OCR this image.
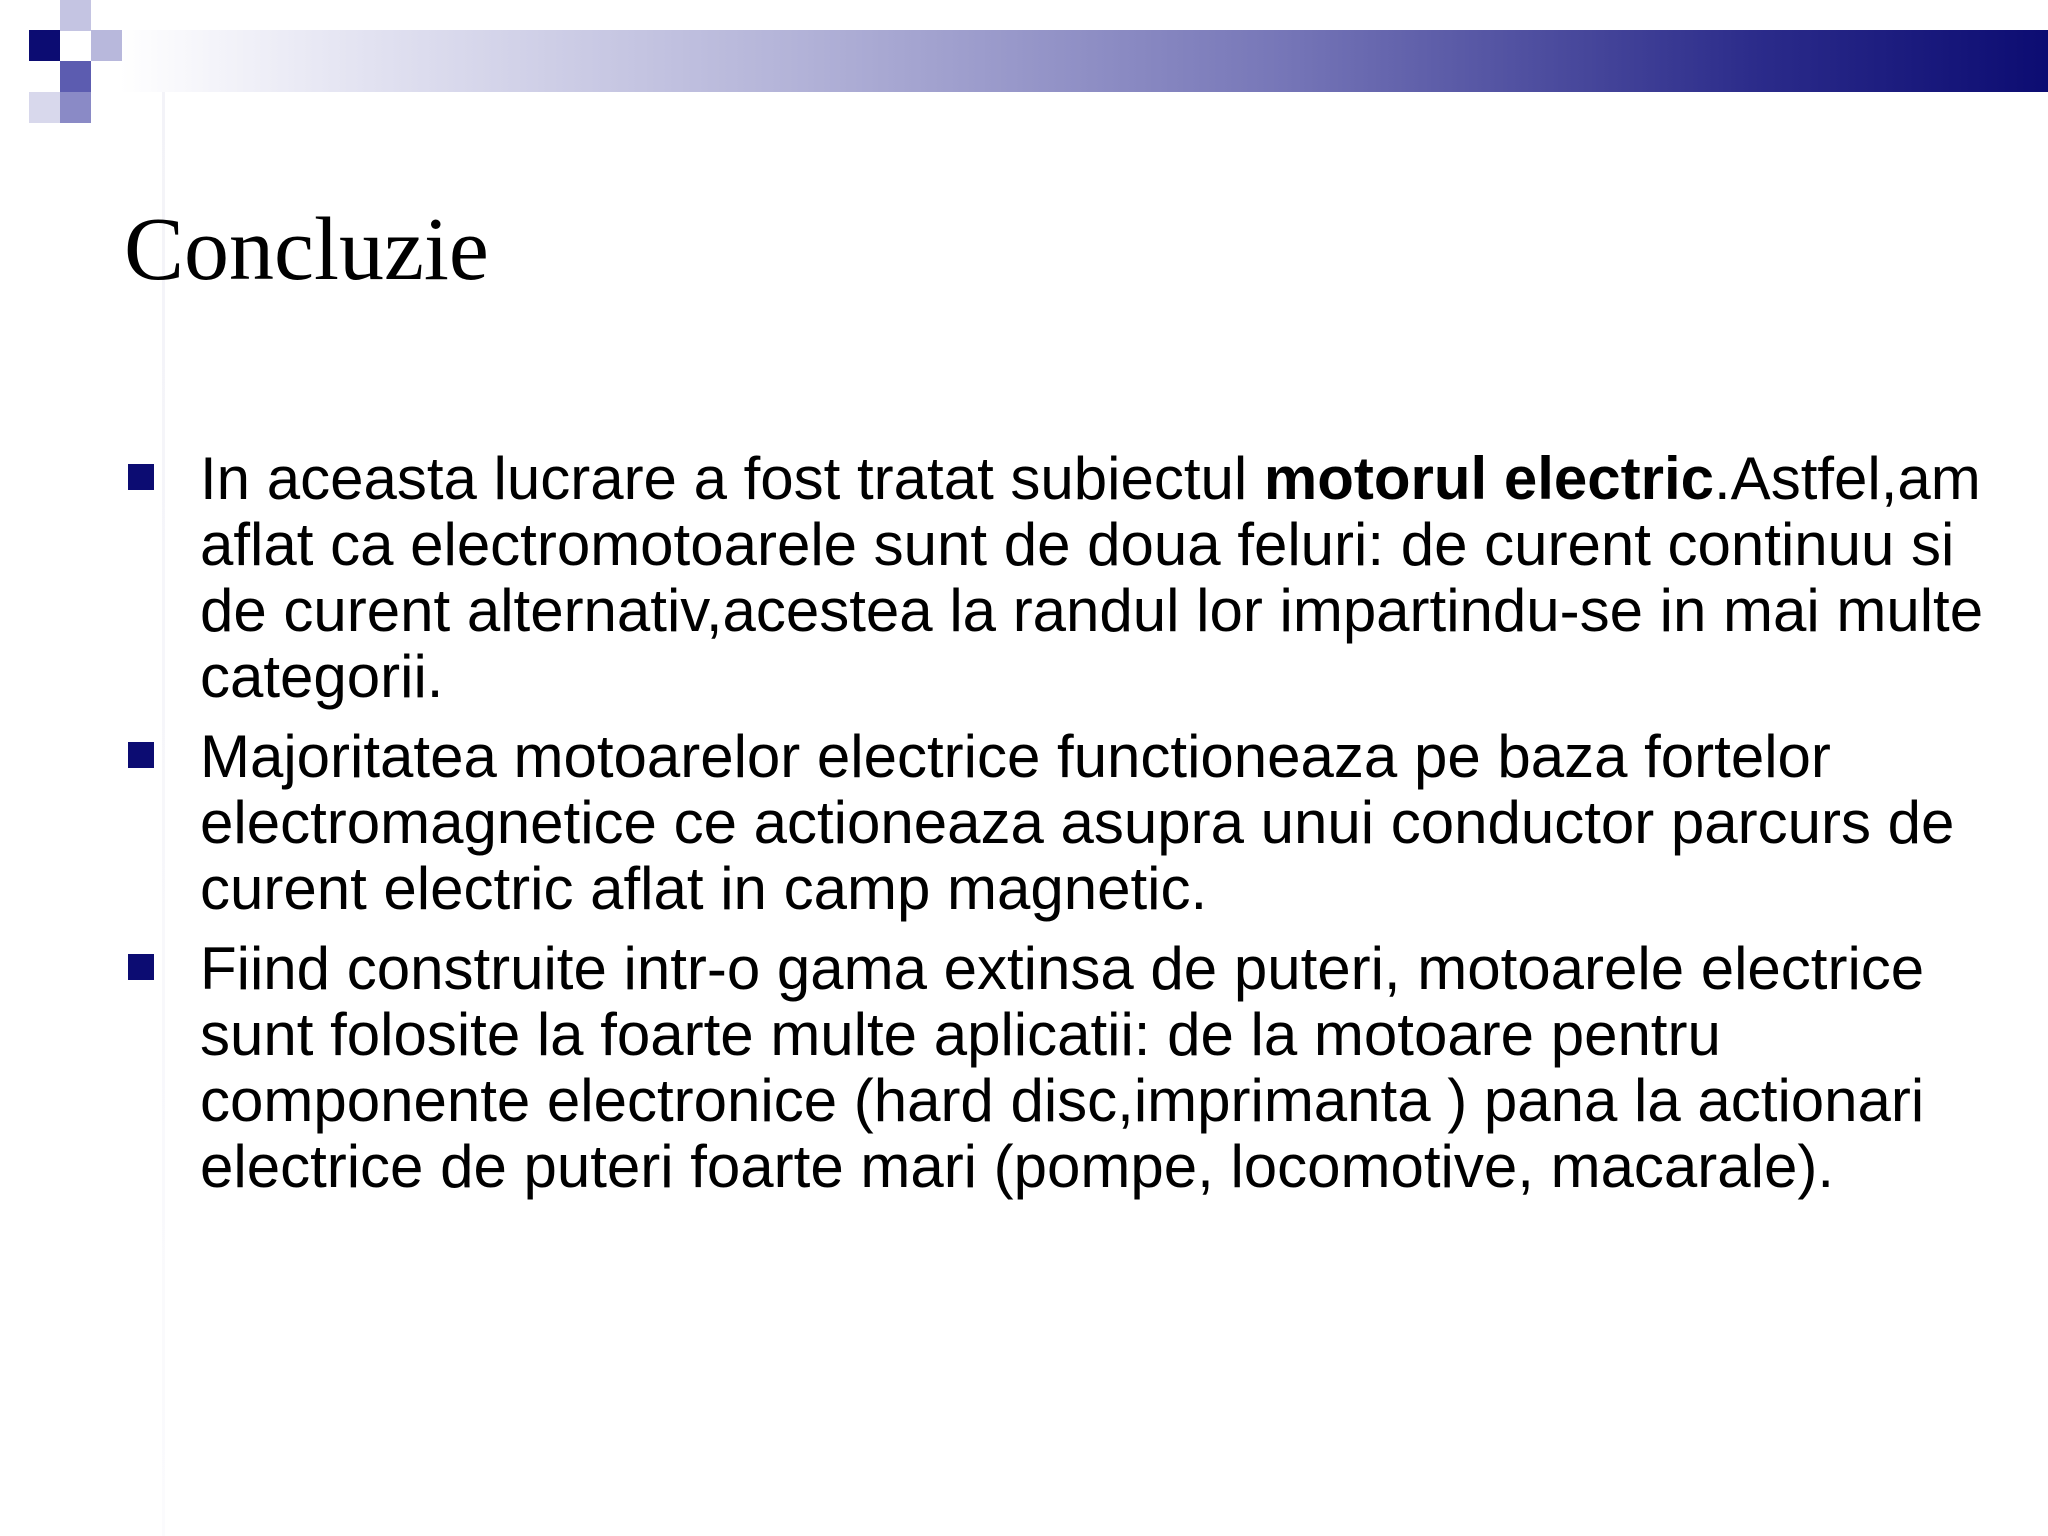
Concluzie
In aceasta lucrare a fost tratat subiectul motorul electric.Astfel,am aflat ca electromotoarele sunt de doua feluri: de curent continuu si de curent alternativ,acestea la randul lor impartindu-se in mai multe categorii.
Majoritatea motoarelor electrice functioneaza pe baza fortelor electromagnetice ce actioneaza asupra unui conductor parcurs de curent electric aflat in camp magnetic.
Fiind construite intr-o gama extinsa de puteri, motoarele electrice sunt folosite la foarte multe aplicatii: de la motoare pentru componente electronice (hard disc,imprimanta ) pana la actionari electrice de puteri foarte mari (pompe, locomotive, macarale).
